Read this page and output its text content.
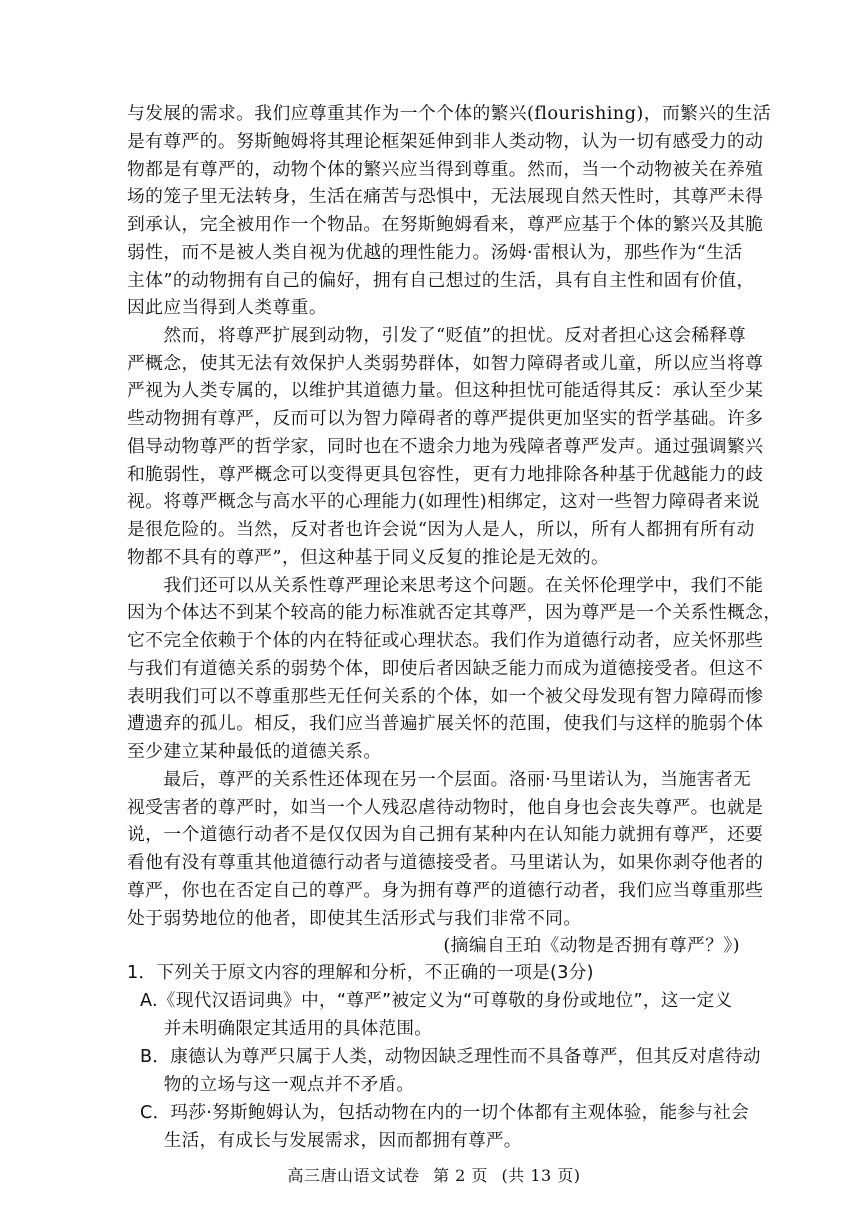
与发展的需求。我们应尊重其作为一个个体的繁兴(flourishing)，而繁兴的生活
是有尊严的。努斯鲍姆将其理论框架延伸到非人类动物，认为一切有感受力的动
物都是有尊严的，动物个体的繁兴应当得到尊重。然而，当一个动物被关在养殖
场的笼子里无法转身，生活在痛苦与恐惧中，无法展现自然天性时，其尊严未得
到承认，完全被用作一个物品。在努斯鲍姆看来，尊严应基于个体的繁兴及其脆
弱性，而不是被人类自视为优越的理性能力。汤姆·雷根认为，那些作为“生活
主体”的动物拥有自己的偏好，拥有自己想过的生活，具有自主性和固有价值，
因此应当得到人类尊重。
　　然而，将尊严扩展到动物，引发了“贬值”的担忧。反对者担心这会稀释尊
严概念，使其无法有效保护人类弱势群体，如智力障碍者或儿童，所以应当将尊
严视为人类专属的，以维护其道德力量。但这种担忧可能适得其反：承认至少某
些动物拥有尊严，反而可以为智力障碍者的尊严提供更加坚实的哲学基础。许多
倡导动物尊严的哲学家，同时也在不遗余力地为残障者尊严发声。通过强调繁兴
和脆弱性，尊严概念可以变得更具包容性，更有力地排除各种基于优越能力的歧
视。将尊严概念与高水平的心理能力(如理性)相绑定，这对一些智力障碍者来说
是很危险的。当然，反对者也许会说“因为人是人，所以，所有人都拥有所有动
物都不具有的尊严”，但这种基于同义反复的推论是无效的。
　　我们还可以从关系性尊严理论来思考这个问题。在关怀伦理学中，我们不能
因为个体达不到某个较高的能力标准就否定其尊严，因为尊严是一个关系性概念，
它不完全依赖于个体的内在特征或心理状态。我们作为道德行动者，应关怀那些
与我们有道德关系的弱势个体，即使后者因缺乏能力而成为道德接受者。但这不
表明我们可以不尊重那些无任何关系的个体，如一个被父母发现有智力障碍而惨
遭遗弃的孤儿。相反，我们应当普遍扩展关怀的范围，使我们与这样的脆弱个体
至少建立某种最低的道德关系。
　　最后，尊严的关系性还体现在另一个层面。洛丽·马里诺认为，当施害者无
视受害者的尊严时，如当一个人残忍虐待动物时，他自身也会丧失尊严。也就是
说，一个道德行动者不是仅仅因为自己拥有某种内在认知能力就拥有尊严，还要
看他有没有尊重其他道德行动者与道德接受者。马里诺认为，如果你剥夺他者的
尊严，你也在否定自己的尊严。身为拥有尊严的道德行动者，我们应当尊重那些
处于弱势地位的他者，即使其生活形式与我们非常不同。
(摘编自王珀《动物是否拥有尊严？》)
1．下列关于原文内容的理解和分析，不正确的一项是(3分)
A.《现代汉语词典》中，“尊严”被定义为“可尊敬的身份或地位”，这一定义
　 并未明确限定其适用的具体范围。
B．康德认为尊严只属于人类，动物因缺乏理性而不具备尊严，但其反对虐待动
　 物的立场与这一观点并不矛盾。
C．玛莎·努斯鲍姆认为，包括动物在内的一切个体都有主观体验，能参与社会
　 生活，有成长与发展需求，因而都拥有尊严。
高三唐山语文试卷 第 2 页 (共 13 页)
